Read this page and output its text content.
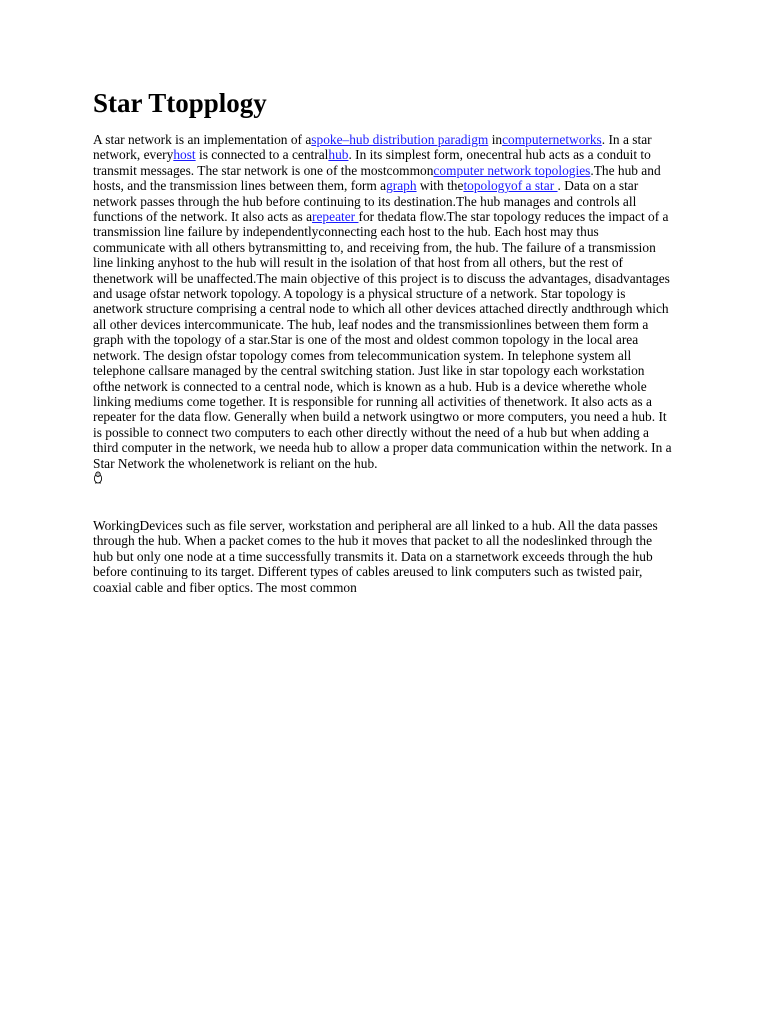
Star Ttopplogy

A star network is an implementation of aspoke–hub distribution paradigm incomputernetworks. In a star network, everyhost is connected to a centralhub. In its simplest form, onecentral hub acts as a conduit to transmit messages. The star network is one of the mostcommoncomputer network topologies.The hub and hosts, and the transmission lines between them, form agraph with thetopologyof a star . Data on a star network passes through the hub before continuing to its destination.The hub manages and controls all functions of the network. It also acts as arepeater for thedata flow.The star topology reduces the impact of a transmission line failure by independentlyconnecting each host to the hub. Each host may thus communicate with all others bytransmitting to, and receiving from, the hub. The failure of a transmission line linking anyhost to the hub will result in the isolation of that host from all others, but the rest of thenetwork will be unaffected.The main objective of this project is to discuss the advantages, disadvantages and usage ofstar network topology. A topology is a physical structure of a network. Star topology is anetwork structure comprising a central node to which all other devices attached directly andthrough which all other devices intercommunicate. The hub, leaf nodes and the transmissionlines between them form a graph with the topology of a star.Star is one of the most and oldest common topology in the local area network. The design ofstar topology comes from telecommunication system. In telephone system all telephone callsare managed by the central switching station. Just like in star topology each workstation ofthe network is connected to a central node, which is known as a hub. Hub is a device wherethe whole linking mediums come together. It is responsible for running all activities of thenetwork. It also acts as a repeater for the data flow. Generally when build a network usingtwo or more computers, you need a hub. It is possible to connect two computers to each other directly without the need of a hub but when adding a third computer in the network, we needa hub to allow a proper data communication within the network. In a Star Network the wholenetwork is reliant on the hub.

WorkingDevices such as file server, workstation and peripheral are all linked to a hub. All the data passes through the hub. When a packet comes to the hub it moves that packet to all the nodeslinked through the hub but only one node at a time successfully transmits it. Data on a starnetwork exceeds through the hub before continuing to its target. Different types of cables areused to link computers such as twisted pair, coaxial cable and fiber optics. The most common
